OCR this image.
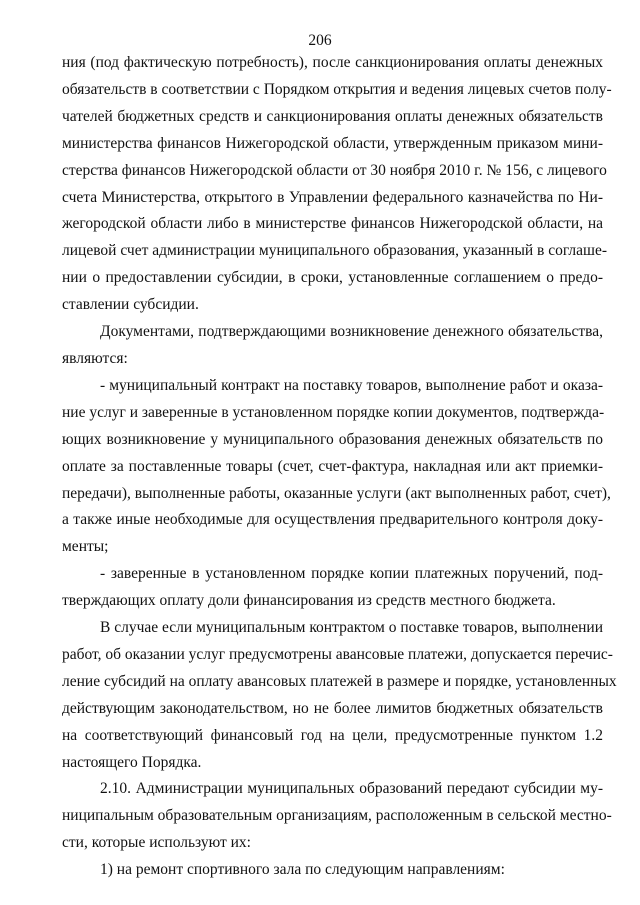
206
ния (под фактическую потребность), после санкционирования оплаты денежных
обязательств в соответствии с Порядком открытия и ведения лицевых счетов полу-
чателей бюджетных средств и санкционирования оплаты денежных обязательств
министерства финансов Нижегородской области, утвержденным приказом мини-
стерства финансов Нижегородской области от 30 ноября 2010 г. № 156, с лицевого
счета Министерства, открытого в Управлении федерального казначейства по Ни-
жегородской области либо в министерстве финансов Нижегородской области, на
лицевой счет администрации муниципального образования, указанный в соглаше-
нии о предоставлении субсидии, в сроки, установленные соглашением о предо-
ставлении субсидии.
Документами, подтверждающими возникновение денежного обязательства,
являются:
- муниципальный контракт на поставку товаров, выполнение работ и оказа-
ние услуг и заверенные в установленном порядке копии документов, подтвержда-
ющих возникновение у муниципального образования денежных обязательств по
оплате за поставленные товары (счет, счет-фактура, накладная или акт приемки-
передачи), выполненные работы, оказанные услуги (акт выполненных работ, счет),
а также иные необходимые для осуществления предварительного контроля доку-
менты;
- заверенные в установленном порядке копии платежных поручений, под-
тверждающих оплату доли финансирования из средств местного бюджета.
В случае если муниципальным контрактом о поставке товаров, выполнении
работ, об оказании услуг предусмотрены авансовые платежи, допускается перечис-
ление субсидий на оплату авансовых платежей в размере и порядке, установленных
действующим законодательством, но не более лимитов бюджетных обязательств
на соответствующий финансовый год на цели, предусмотренные пунктом 1.2
настоящего Порядка.
2.10. Администрации муниципальных образований передают субсидии му-
ниципальным образовательным организациям, расположенным в сельской местно-
сти, которые используют их:
1) на ремонт спортивного зала по следующим направлениям:
